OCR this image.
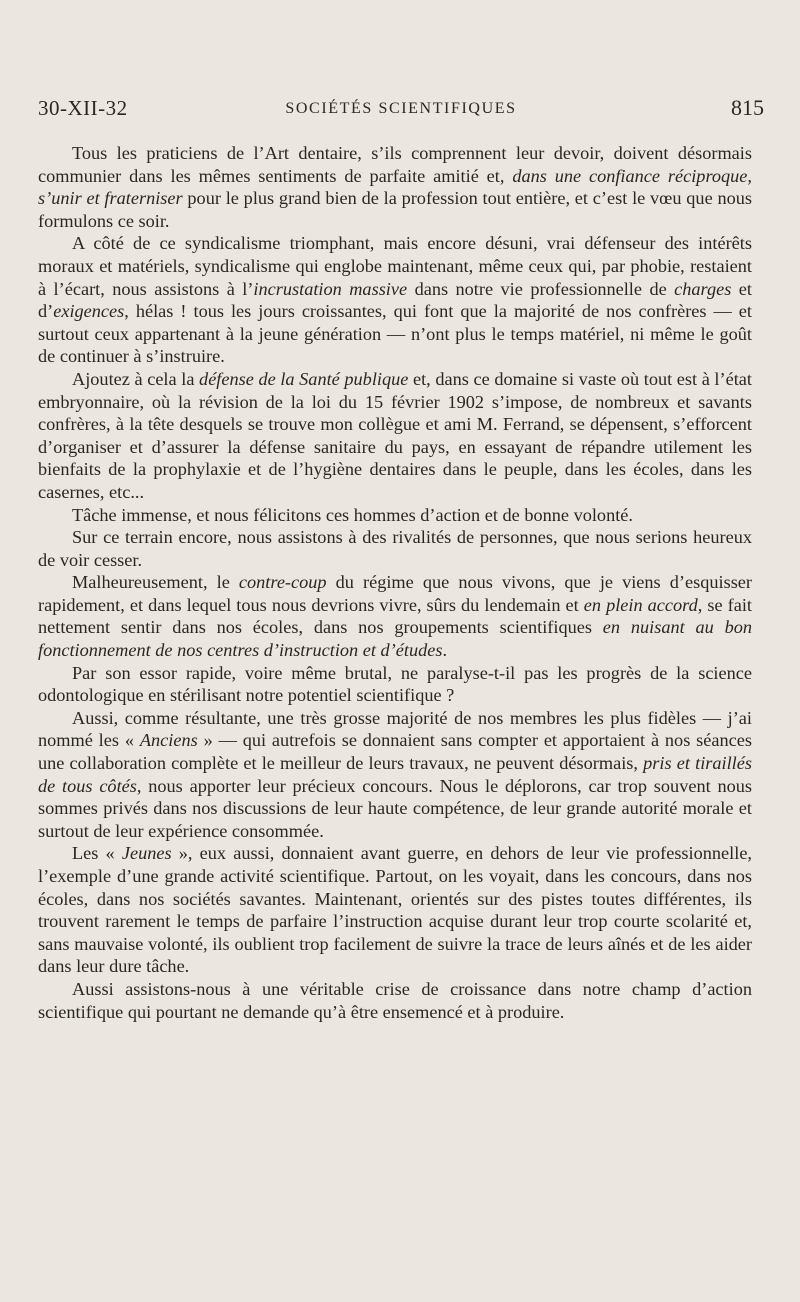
30-XII-32	SOCIÉTÉS SCIENTIFIQUES	815

Tous les praticiens de l’Art dentaire, s’ils comprennent leur devoir, doivent désormais communier dans les mêmes sentiments de parfaite amitié et, dans une confiance réciproque, s’unir et fraterniser pour le plus grand bien de la profession tout entière, et c’est le vœu que nous formulons ce soir.

A côté de ce syndicalisme triomphant, mais encore désuni, vrai défenseur des intérêts moraux et matériels, syndicalisme qui englobe maintenant, même ceux qui, par phobie, restaient à l’écart, nous assistons à l’incrustation massive dans notre vie professionnelle de charges et d’exigences, hélas ! tous les jours croissantes, qui font que la majorité de nos confrères — et surtout ceux appartenant à la jeune génération — n’ont plus le temps matériel, ni même le goût de continuer à s’instruire.

Ajoutez à cela la défense de la Santé publique et, dans ce domaine si vaste où tout est à l’état embryonnaire, où la révision de la loi du 15 février 1902 s’impose, de nombreux et savants confrères, à la tête desquels se trouve mon collègue et ami M. Ferrand, se dépensent, s’efforcent d’organiser et d’assurer la défense sanitaire du pays, en essayant de répandre utilement les bienfaits de la prophylaxie et de l’hygiène dentaires dans le peuple, dans les écoles, dans les casernes, etc...

Tâche immense, et nous félicitons ces hommes d’action et de bonne volonté.

Sur ce terrain encore, nous assistons à des rivalités de personnes, que nous serions heureux de voir cesser.

Malheureusement, le contre-coup du régime que nous vivons, que je viens d’esquisser rapidement, et dans lequel tous nous devrions vivre, sûrs du lendemain et en plein accord, se fait nettement sentir dans nos écoles, dans nos groupements scientifiques en nuisant au bon fonctionnement de nos centres d’instruction et d’études.

Par son essor rapide, voire même brutal, ne paralyse-t-il pas les progrès de la science odontologique en stérilisant notre potentiel scientifique ?

Aussi, comme résultante, une très grosse majorité de nos membres les plus fidèles — j’ai nommé les « Anciens » — qui autrefois se donnaient sans compter et apportaient à nos séances une collaboration complète et le meilleur de leurs travaux, ne peuvent désormais, pris et tiraillés de tous côtés, nous apporter leur précieux concours. Nous le déplorons, car trop souvent nous sommes privés dans nos discussions de leur haute compétence, de leur grande autorité morale et surtout de leur expérience consommée.

Les « Jeunes », eux aussi, donnaient avant guerre, en dehors de leur vie professionnelle, l’exemple d’une grande activité scientifique. Partout, on les voyait, dans les concours, dans nos écoles, dans nos sociétés savantes. Maintenant, orientés sur des pistes toutes différentes, ils trouvent rarement le temps de parfaire l’instruction acquise durant leur trop courte scolarité et, sans mauvaise volonté, ils oublient trop facilement de suivre la trace de leurs aînés et de les aider dans leur dure tâche.

Aussi assistons-nous à une véritable crise de croissance dans notre champ d’action scientifique qui pourtant ne demande qu’à être ensemencé et à produire.
